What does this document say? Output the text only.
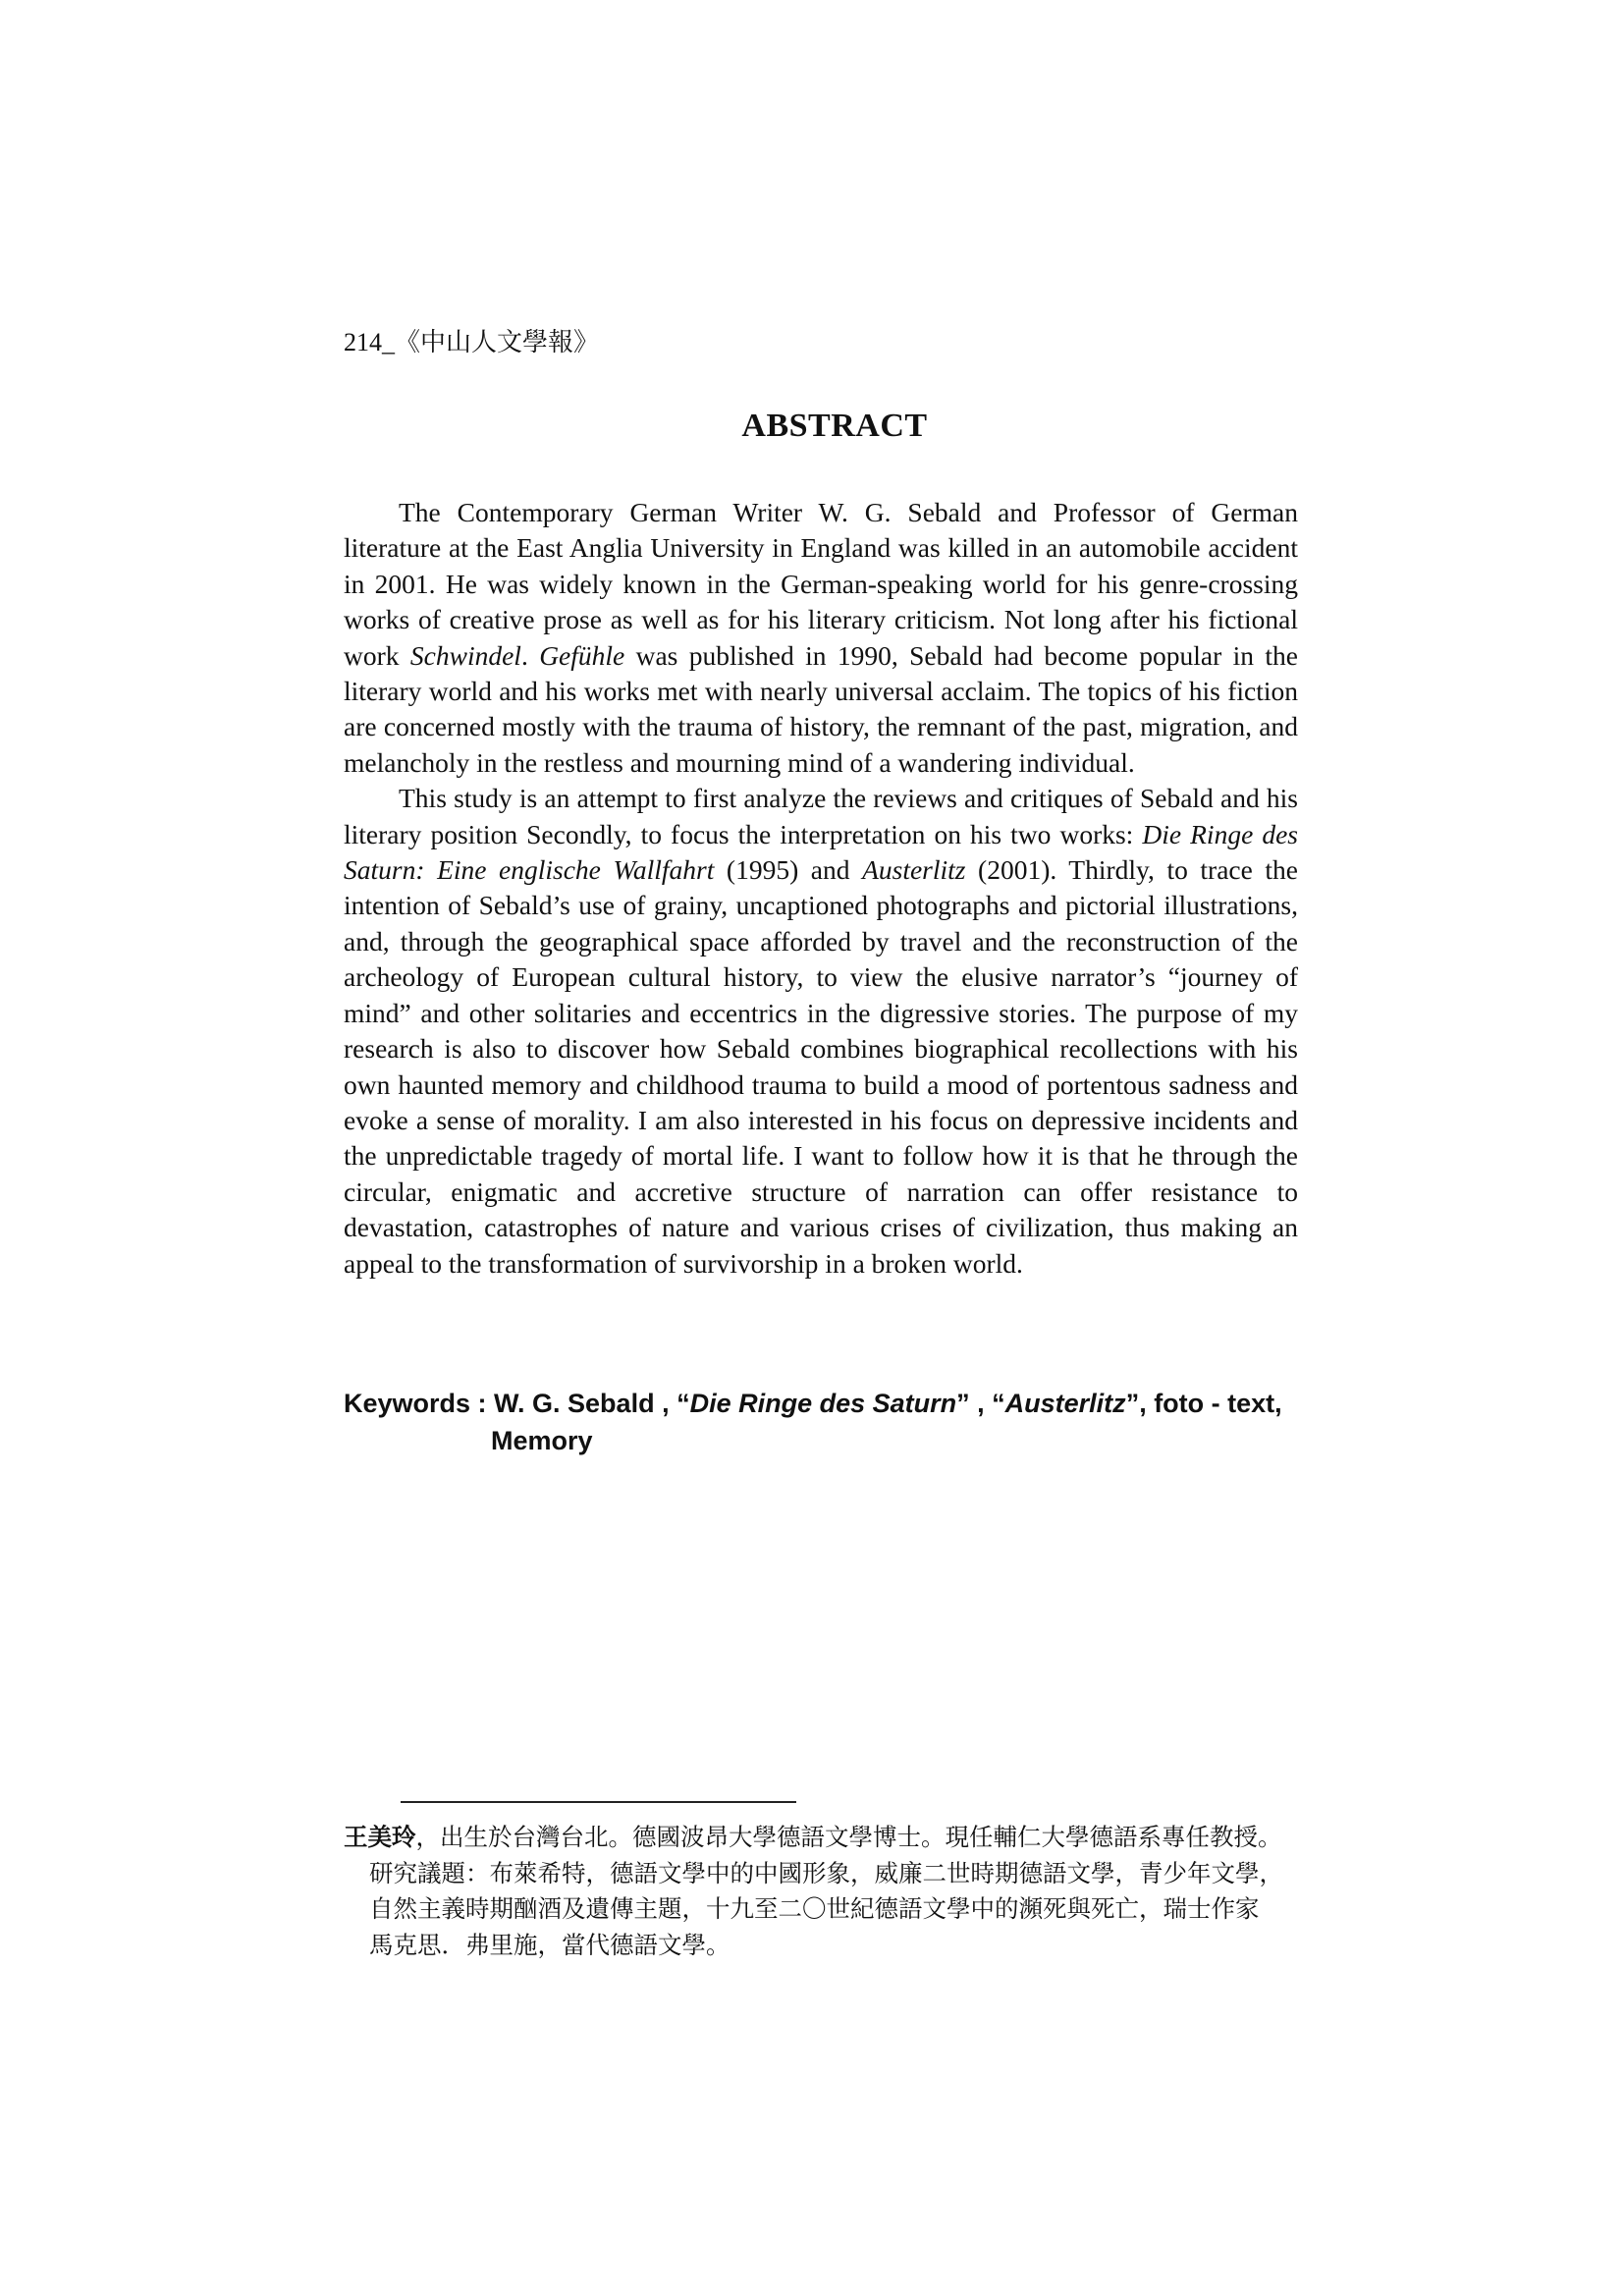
214_《中山人文學報》
ABSTRACT

The Contemporary German Writer W. G. Sebald and Professor of German literature at the East Anglia University in England was killed in an automobile accident in 2001. He was widely known in the German-speaking world for his genre-crossing works of creative prose as well as for his literary criticism. Not long after his fictional work Schwindel. Gefühle was published in 1990, Sebald had become popular in the literary world and his works met with nearly universal acclaim. The topics of his fiction are concerned mostly with the trauma of history, the remnant of the past, migration, and melancholy in the restless and mourning mind of a wandering individual.

This study is an attempt to first analyze the reviews and critiques of Sebald and his literary position Secondly, to focus the interpretation on his two works: Die Ringe des Saturn: Eine englische Wallfahrt (1995) and Austerlitz (2001). Thirdly, to trace the intention of Sebald’s use of grainy, uncaptioned photographs and pictorial illustrations, and, through the geographical space afforded by travel and the reconstruction of the archeology of European cultural history, to view the elusive narrator’s “journey of mind” and other solitaries and eccentrics in the digressive stories. The purpose of my research is also to discover how Sebald combines biographical recollections with his own haunted memory and childhood trauma to build a mood of portentous sadness and evoke a sense of morality. I am also interested in his focus on depressive incidents and the unpredictable tragedy of mortal life. I want to follow how it is that he through the circular, enigmatic and accretive structure of narration can offer resistance to devastation, catastrophes of nature and various crises of civilization, thus making an appeal to the transformation of survivorship in a broken world.

Keywords : W. G. Sebald , “Die Ringe des Saturn” , “Austerlitz”, foto - text,
Memory
王美玲，出生於台灣台北。德國波昂大學德語文學博士。現任輔仁大學德語系專任教授。
研究議題：布萊希特，德語文學中的中國形象，威廉二世時期德語文學，青少年文學，
自然主義時期酗酒及遺傳主題，十九至二〇世紀德語文學中的瀕死與死亡，瑞士作家
馬克思．弗里施，當代德語文學。
